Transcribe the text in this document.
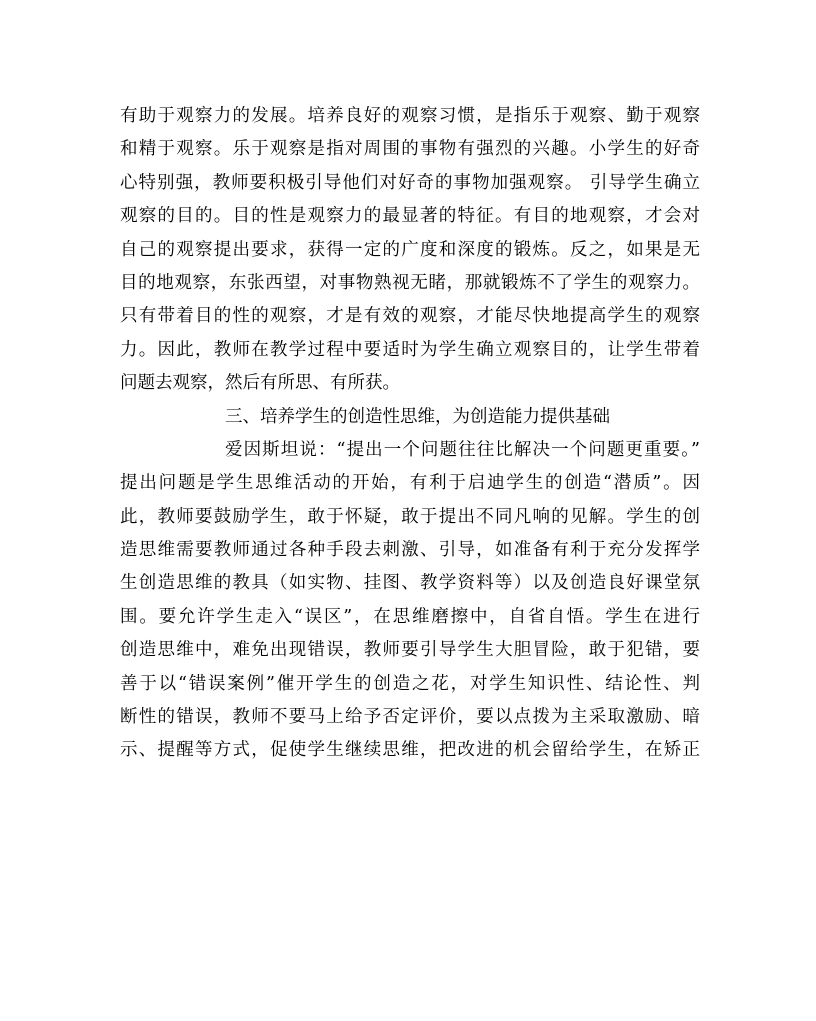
有助于观察力的发展。培养良好的观察习惯，是指乐于观察、勤于观察
和精于观察。乐于观察是指对周围的事物有强烈的兴趣。小学生的好奇
心特别强，教师要积极引导他们对好奇的事物加强观察。 引导学生确立
观察的目的。目的性是观察力的最显著的特征。有目的地观察，才会对
自己的观察提出要求，获得一定的广度和深度的锻炼。反之，如果是无
目的地观察，东张西望，对事物熟视无睹，那就锻炼不了学生的观察力。
只有带着目的性的观察，才是有效的观察，才能尽快地提高学生的观察
力。因此，教师在教学过程中要适时为学生确立观察目的，让学生带着
问题去观察，然后有所思、有所获。
三、培养学生的创造性思维，为创造能力提供基础
爱因斯坦说：“提出一个问题往往比解决一个问题更重要。”
提出问题是学生思维活动的开始，有利于启迪学生的创造“潜质”。因
此，教师要鼓励学生，敢于怀疑，敢于提出不同凡响的见解。学生的创
造思维需要教师通过各种手段去刺激、引导，如准备有利于充分发挥学
生创造思维的教具（如实物、挂图、教学资料等）以及创造良好课堂氛
围。要允许学生走入“误区”，在思维磨擦中，自省自悟。学生在进行
创造思维中，难免出现错误，教师要引导学生大胆冒险，敢于犯错，要
善于以“错误案例”催开学生的创造之花，对学生知识性、结论性、判
断性的错误，教师不要马上给予否定评价，要以点拨为主采取激励、暗
示、提醒等方式，促使学生继续思维，把改进的机会留给学生，在矫正
